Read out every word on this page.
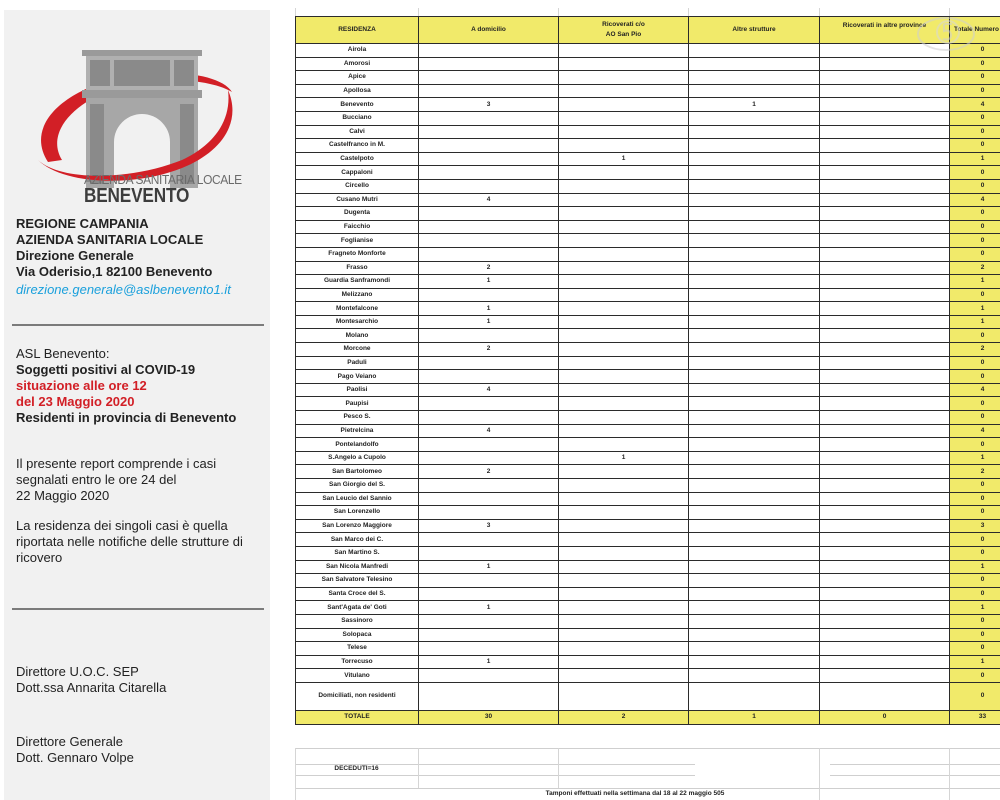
AZIENDA SANITARIA LOCALE
BENEVENTO
REGIONE CAMPANIA
AZIENDA SANITARIA LOCALE
Direzione Generale
Via Oderisio,1 82100 Benevento
direzione.generale@aslbenevento1.it
ASL Benevento:
Soggetti positivi al COVID-19
situazione alle ore 12
del 23 Maggio 2020
Residenti in provincia di Benevento
Il presente report comprende i casi
segnalati entro le ore 24 del
22 Maggio 2020
La residenza dei singoli casi è quella
riportata nelle notifiche delle strutture di
ricovero
Direttore U.O.C. SEP
Dott.ssa Annarita Citarella
Direttore Generale
Dott. Gennaro Volpe
RESIDENZA	A domicilio	Ricoverati c/o
AO San Pio	Altre strutture	Ricoverati in altre province	Totale Numero
Airola					0
Amorosi					0
Apice					0
Apollosa					0
Benevento	3		1		4
Bucciano					0
Calvi					0
Castelfranco in M.					0
Castelpoto		1			1
Cappaloni					0
Circello					0
Cusano Mutri	4				4
Dugenta					0
Faicchio					0
Foglianise					0
Fragneto Monforte					0
Frasso	2				2
Guardia Sanframondi	1				1
Melizzano					0
Montefalcone	1				1
Montesarchio	1				1
Molano					0
Morcone	2				2
Paduli					0
Pago Veiano					0
Paolisi	4				4
Paupisi					0
Pesco S.					0
Pietrelcina	4				4
Pontelandolfo					0
S.Angelo a Cupolo		1			1
San Bartolomeo	2				2
San Giorgio del S.					0
San Leucio del Sannio					0
San Lorenzello					0
San Lorenzo Maggiore	3				3
San Marco dei C.					0
San Martino S.					0
San Nicola Manfredi	1				1
San Salvatore Telesino					0
Santa Croce del S.					0
Sant'Agata de' Goti	1				1
Sassinoro					0
Solopaca					0
Telese					0
Torrecuso	1				1
Vitulano					0
Domiciliati, non residenti					0
TOTALE	30	2	1	0	33
DECEDUTI=16
Tamponi effettuati nella settimana dal 18 al 22 maggio 505
